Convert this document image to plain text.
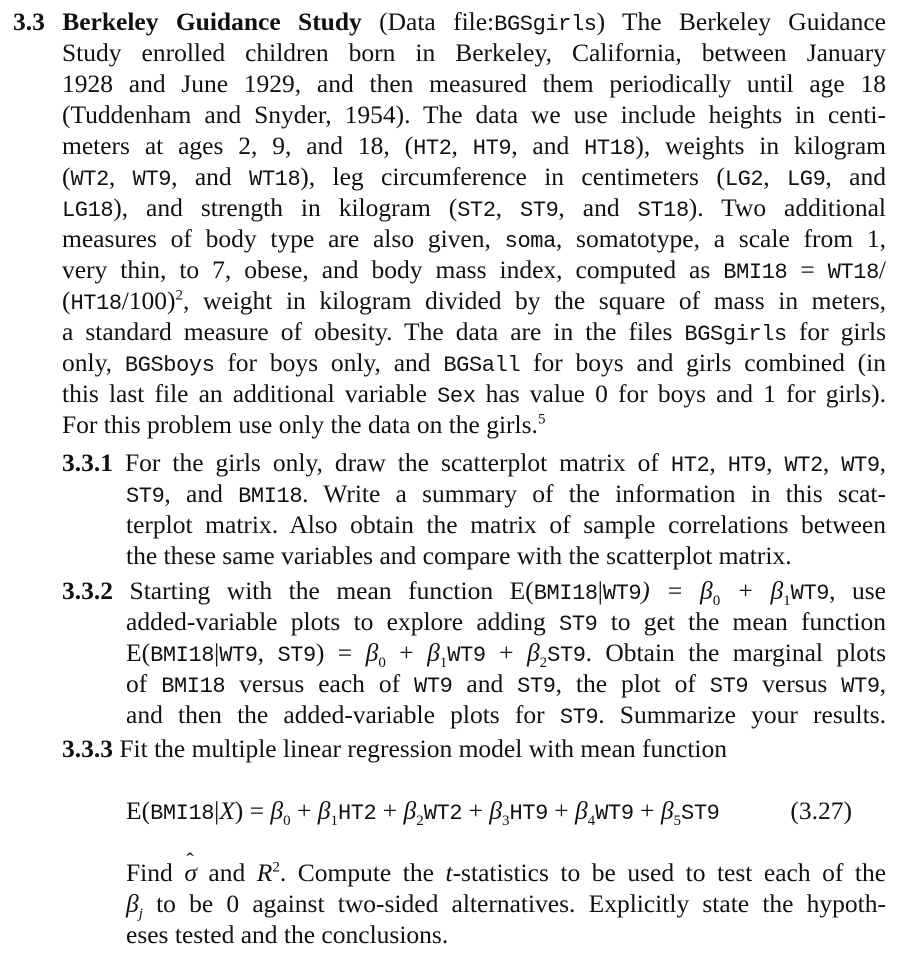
3.3 Berkeley Guidance Study (Data file:BGSgirls) The Berkeley Guidance
Study enrolled children born in Berkeley, California, between January
1928 and June 1929, and then measured them periodically until age 18
(Tuddenham and Snyder, 1954). The data we use include heights in centi-
meters at ages 2, 9, and 18, (HT2, HT9, and HT18), weights in kilogram
(WT2, WT9, and WT18), leg circumference in centimeters (LG2, LG9, and
LG18), and strength in kilogram (ST2, ST9, and ST18). Two additional
measures of body type are also given, soma, somatotype, a scale from 1,
very thin, to 7, obese, and body mass index, computed as BMI18 = WT18/
$(HT18/100)^2$, weight in kilogram divided by the square of mass in meters,
a standard measure of obesity. The data are in the files BGSgirls for girls
only, BGSboys for boys only, and BGSall for boys and girls combined (in
this last file an additional variable Sex has value 0 for boys and 1 for girls).
For this problem use only the data on the girls.$^5$
3.3.1 For the girls only, draw the scatterplot matrix of HT2, HT9, WT2, WT9,
ST9, and BMI18. Write a summary of the information in this scat-
terplot matrix. Also obtain the matrix of sample correlations between
the these same variables and compare with the scatterplot matrix.
3.3.2 Starting with the mean function $E(BMI18|WT9) = \beta_0 + \beta_1WT9$, use
added-variable plots to explore adding ST9 to get the mean function
E(BMI18|WT9, $ST9) = \beta_0 + \beta_1WT9 + \beta_2ST9$. Obtain the marginal plots
of BMI18 versus each of WT9 and ST9, the plot of ST9 versus WT9,
and then the added-variable plots for ST9. Summarize your results.
3.3.3 Fit the multiple linear regression model with mean function
$E(BMI18|X) = \beta_0 + \beta_1HT2 + \beta_2WT2 + \beta_3HT9 + \beta_4WT9 + \beta_5ST9$	(3.27)
Find σ ˆ and $R^2$. Compute the t-statistics to be used to test each of the
$\beta_j$ to be 0 against two-sided alternatives. Explicitly state the hypoth-
eses tested and the conclusions.
